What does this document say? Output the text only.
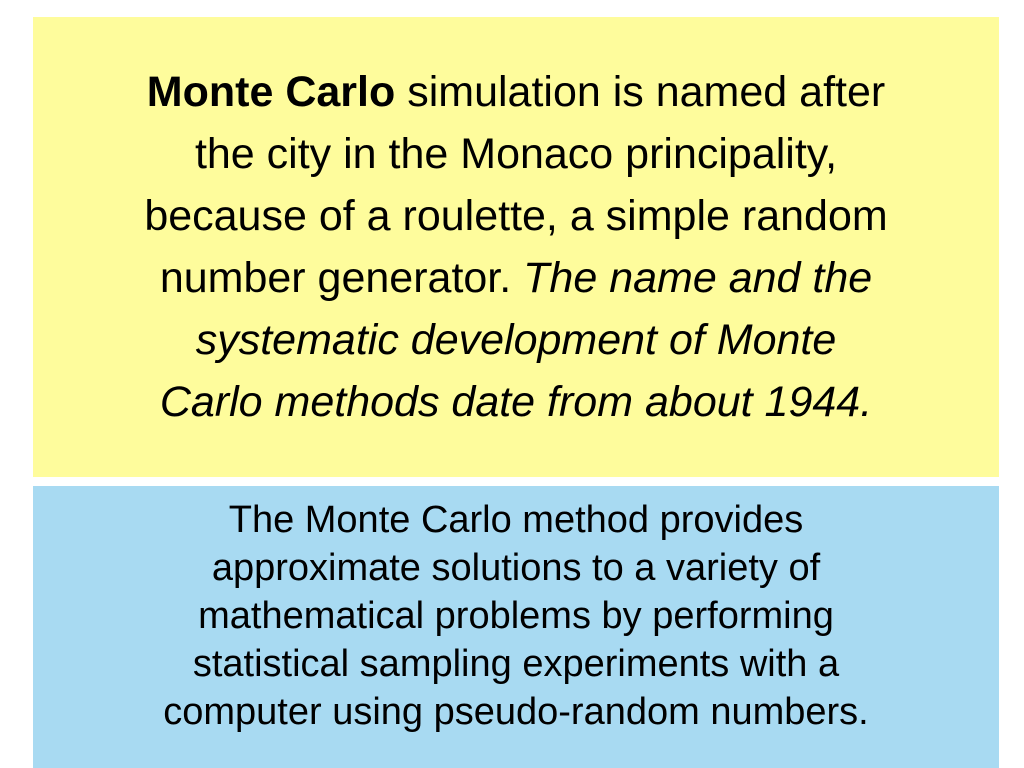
Monte Carlo simulation is named after
the city in the Monaco principality,
because of a roulette, a simple random
number generator. The name and the
systematic development of Monte
Carlo methods date from about 1944.
The Monte Carlo method provides
approximate solutions to a variety of
mathematical problems by performing
statistical sampling experiments with a
computer using pseudo-random numbers.
